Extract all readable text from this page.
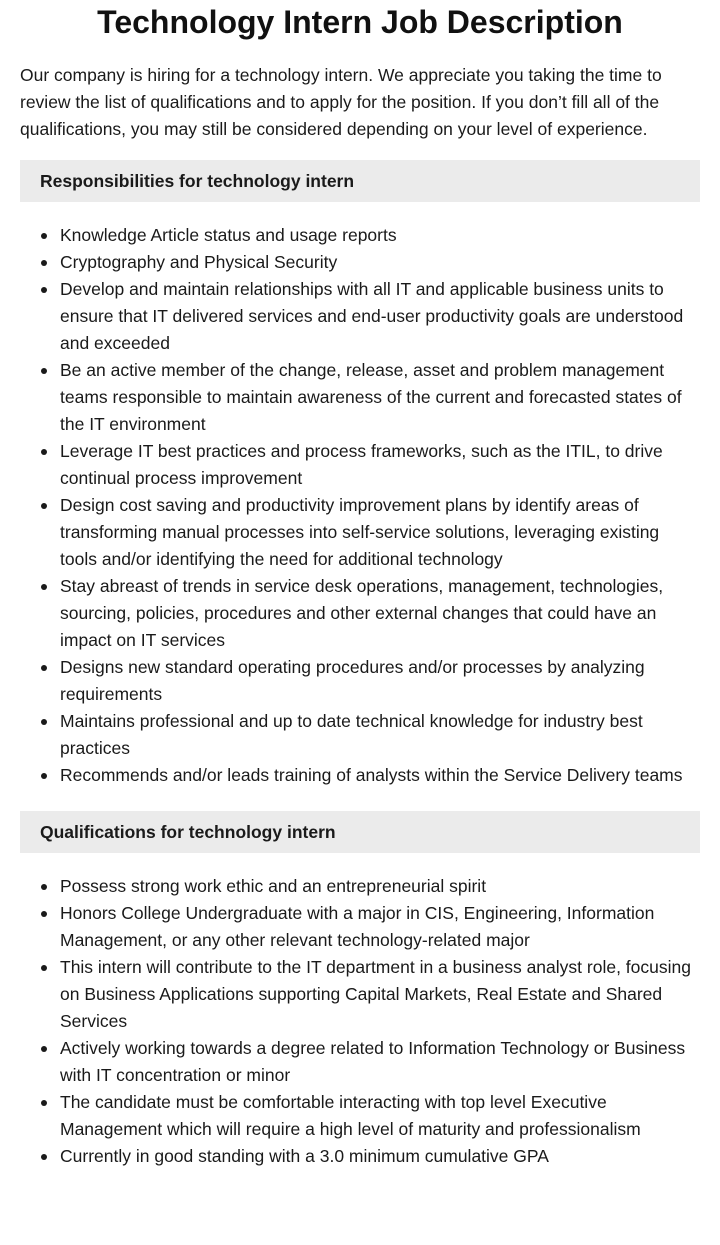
Technology Intern Job Description

Our company is hiring for a technology intern. We appreciate you taking the time to review the list of qualifications and to apply for the position. If you don’t fill all of the qualifications, you may still be considered depending on your level of experience.

Responsibilities for technology intern
Knowledge Article status and usage reports
Cryptography and Physical Security
Develop and maintain relationships with all IT and applicable business units to ensure that IT delivered services and end-user productivity goals are understood and exceeded
Be an active member of the change, release, asset and problem management teams responsible to maintain awareness of the current and forecasted states of the IT environment
Leverage IT best practices and process frameworks, such as the ITIL, to drive continual process improvement
Design cost saving and productivity improvement plans by identify areas of transforming manual processes into self-service solutions, leveraging existing tools and/or identifying the need for additional technology
Stay abreast of trends in service desk operations, management, technologies, sourcing, policies, procedures and other external changes that could have an impact on IT services
Designs new standard operating procedures and/or processes by analyzing requirements
Maintains professional and up to date technical knowledge for industry best practices
Recommends and/or leads training of analysts within the Service Delivery teams
Qualifications for technology intern
Possess strong work ethic and an entrepreneurial spirit
Honors College Undergraduate with a major in CIS, Engineering, Information Management, or any other relevant technology-related major
This intern will contribute to the IT department in a business analyst role, focusing on Business Applications supporting Capital Markets, Real Estate and Shared Services
Actively working towards a degree related to Information Technology or Business with IT concentration or minor
The candidate must be comfortable interacting with top level Executive Management which will require a high level of maturity and professionalism
Currently in good standing with a 3.0 minimum cumulative GPA
